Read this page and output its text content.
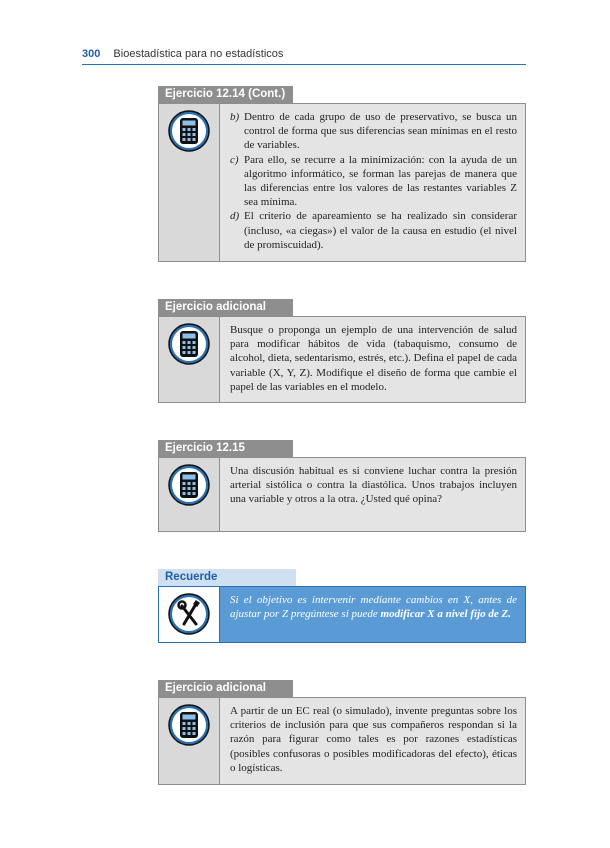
300 Bioestadística para no estadísticos
Ejercicio 12.14 (Cont.)
b) Dentro de cada grupo de uso de preservativo, se busca un control de forma que sus diferencias sean mínimas en el resto de variables.
c) Para ello, se recurre a la minimización: con la ayuda de un algoritmo informático, se forman las parejas de manera que las diferencias entre los valores de las restantes variables Z sea mínima.
d) El criterio de apareamiento se ha realizado sin considerar (incluso, «a ciegas») el valor de la causa en estudio (el nivel de promiscuidad).
Ejercicio adicional

Busque o proponga un ejemplo de una intervención de salud para modificar hábitos de vida (tabaquismo, consumo de alcohol, dieta, sedentarismo, estrés, etc.). Defina el papel de cada variable (X, Y, Z). Modifique el diseño de forma que cambie el papel de las variables en el modelo.

Ejercicio 12.15

Una discusión habitual es si conviene luchar contra la presión arterial sistólica o contra la diastólica. Unos trabajos incluyen una variable y otros a la otra. ¿Usted qué opina?

Recuerde

Si el objetivo es intervenir mediante cambios en X, antes de ajustar por Z pregúntese si puede modificar X a nivel fijo de Z.

Ejercicio adicional

A partir de un EC real (o simulado), invente preguntas sobre los criterios de inclusión para que sus compañeros respondan si la razón para figurar como tales es por razones estadísticas (posibles confusoras o posibles modificadoras del efecto), éticas o logísticas.
